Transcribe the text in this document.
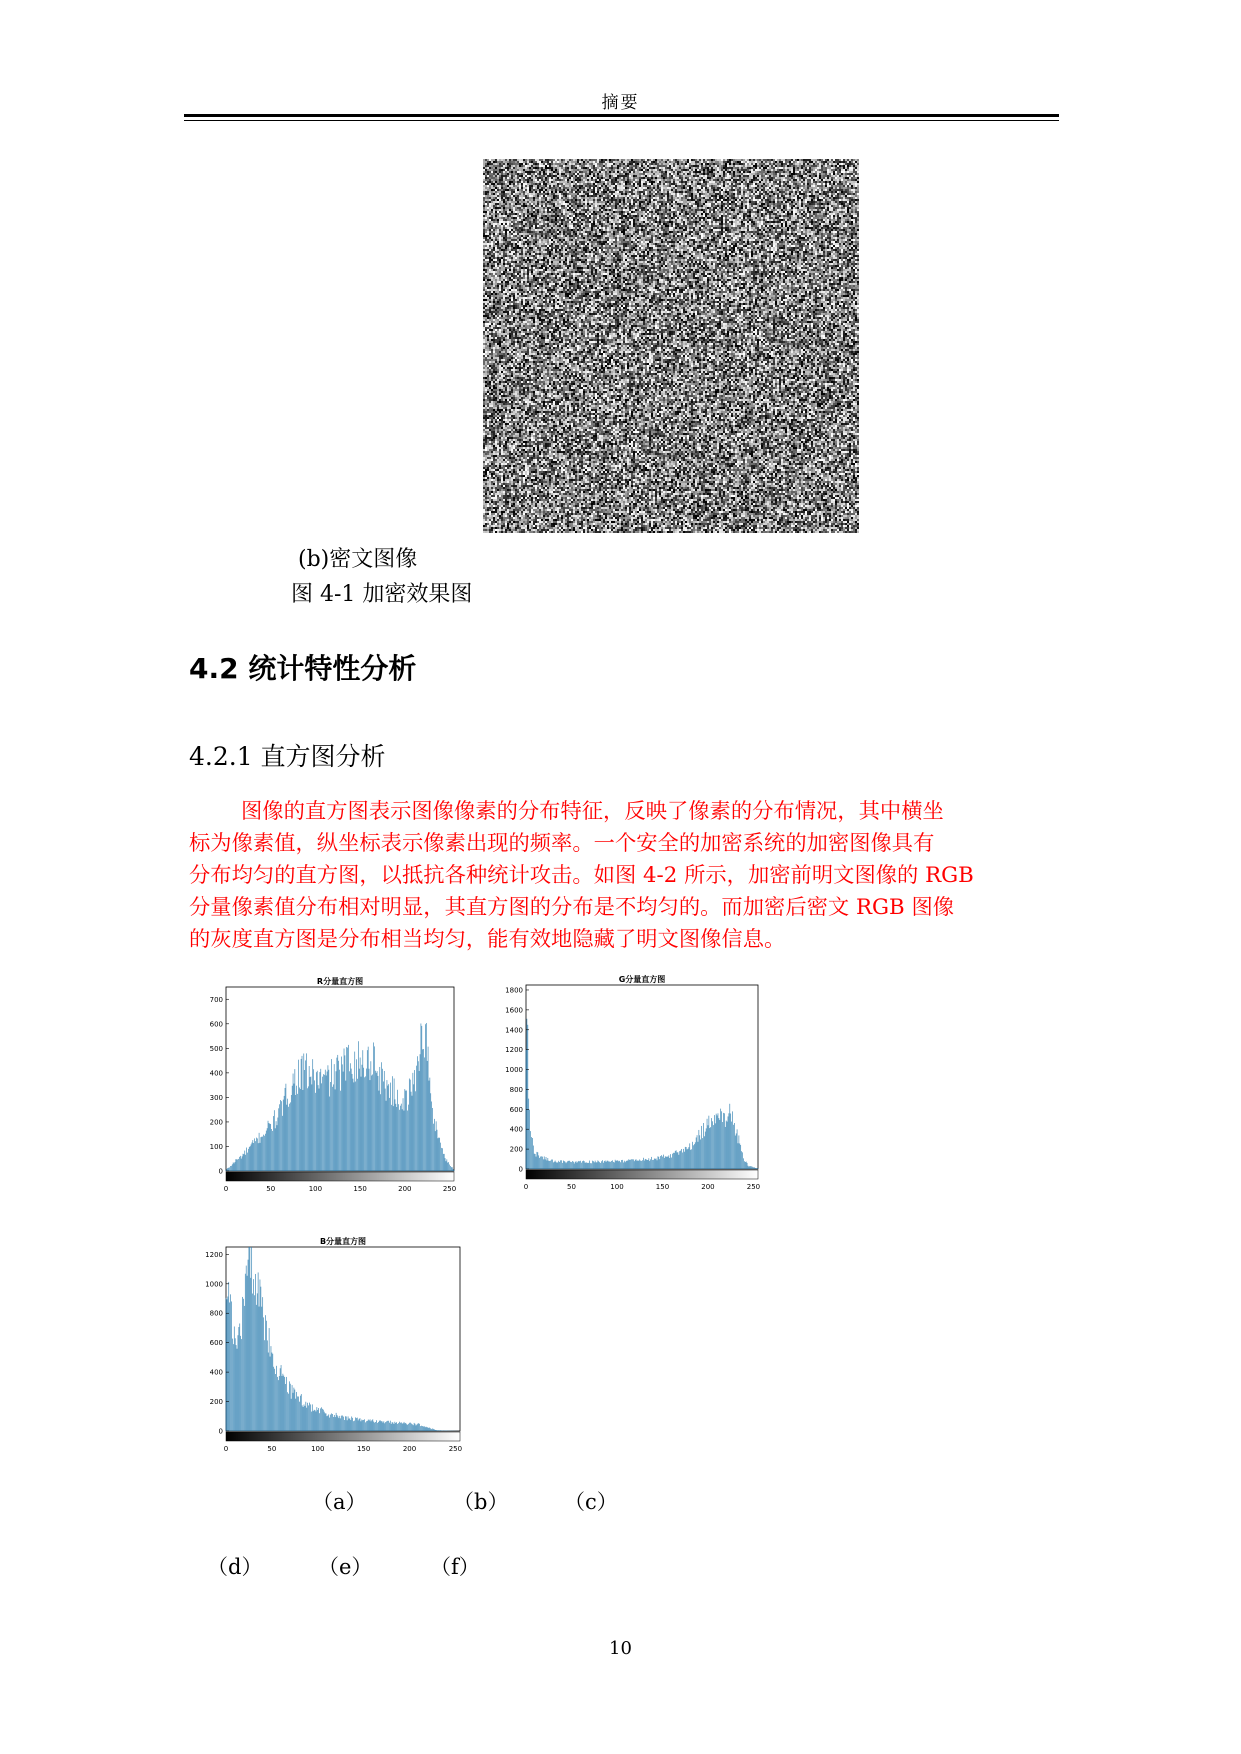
摘要
(b)密文图像
图 4-1 加密效果图
4.2 统计特性分析
4.2.1 直方图分析
图像的直方图表示图像像素的分布特征，反映了像素的分布情况，其中横坐
标为像素值，纵坐标表示像素出现的频率。一个安全的加密系统的加密图像具有
分布均匀的直方图，以抵抗各种统计攻击。如图 4-2 所示，加密前明文图像的 RGB
分量像素值分布相对明显，其直方图的分布是不均匀的。而加密后密文 RGB 图像
的灰度直方图是分布相当均匀，能有效地隐藏了明文图像信息。
R分量直方图
0
100
200
300
400
500
600
700
0	50	100	150	200	250
G分量直方图
0
200
400
600
800
1000
1200
1400
1600
1800
0	50	100	150	200	250
B分量直方图
0
200
400
600
800
1000
1200
0	50	100	150	200	250
（a）	（b）	（c）
（d）	（e）	（f）
10
